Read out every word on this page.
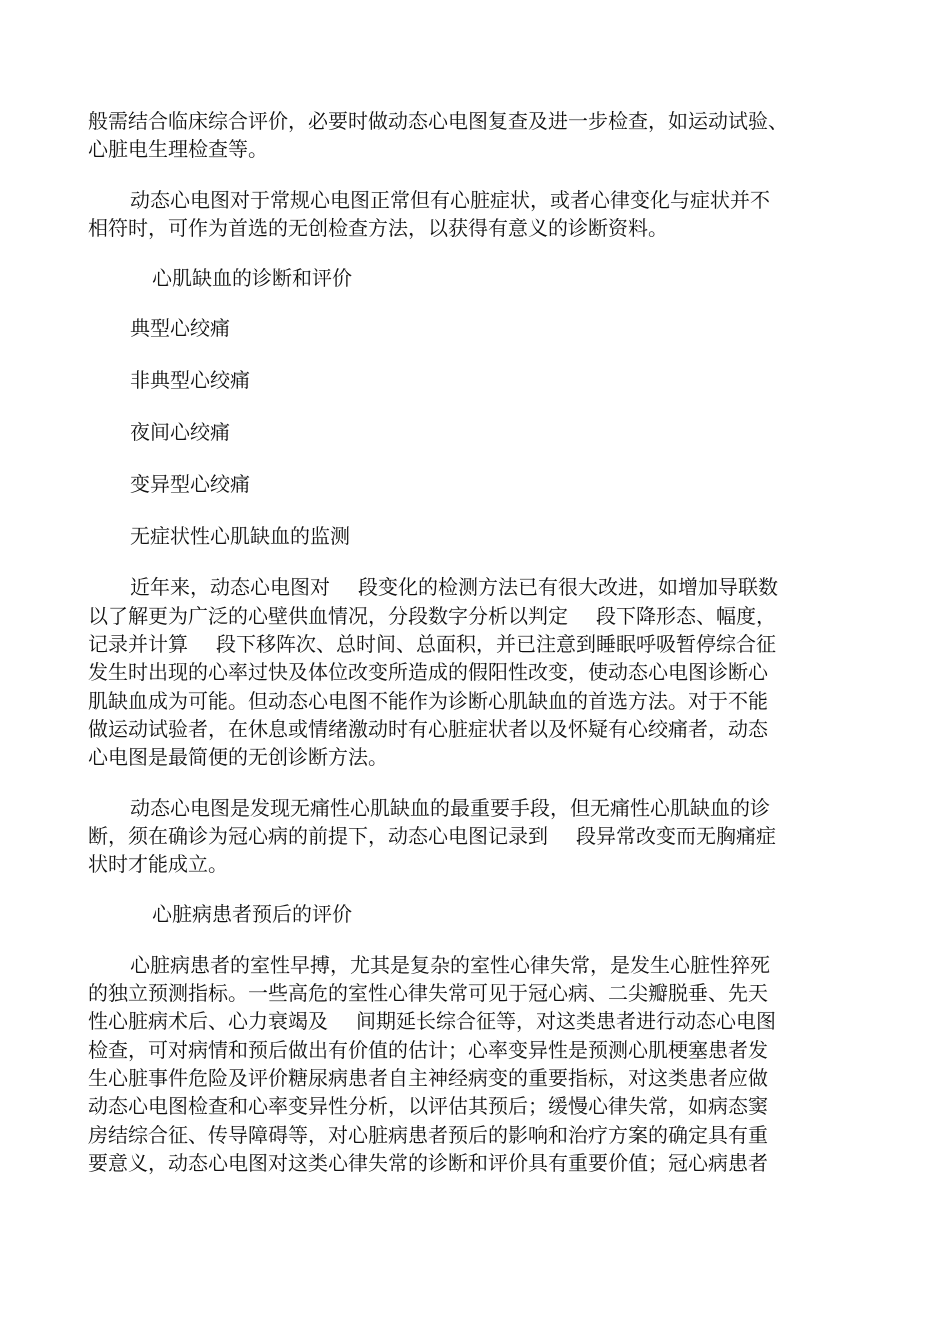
般需结合临床综合评价，必要时做动态心电图复查及进一步检查，如运动试验、
心脏电生理检查等。
动态心电图对于常规心电图正常但有心脏症状，或者心律变化与症状并不
相符时，可作为首选的无创检查方法，以获得有意义的诊断资料。
心肌缺血的诊断和评价
典型心绞痛
非典型心绞痛
夜间心绞痛
变异型心绞痛
无症状性心肌缺血的监测
近年来，动态心电图对 段变化的检测方法已有很大改进，如增加导联数
以了解更为广泛的心壁供血情况，分段数字分析以判定 段下降形态、幅度，
记录并计算 段下移阵次、总时间、总面积，并已注意到睡眠呼吸暂停综合征
发生时出现的心率过快及体位改变所造成的假阳性改变，使动态心电图诊断心
肌缺血成为可能。但动态心电图不能作为诊断心肌缺血的首选方法。对于不能
做运动试验者，在休息或情绪激动时有心脏症状者以及怀疑有心绞痛者，动态
心电图是最简便的无创诊断方法。
动态心电图是发现无痛性心肌缺血的最重要手段，但无痛性心肌缺血的诊
断，须在确诊为冠心病的前提下，动态心电图记录到 段异常改变而无胸痛症
状时才能成立。
心脏病患者预后的评价
心脏病患者的室性早搏，尤其是复杂的室性心律失常，是发生心脏性猝死
的独立预测指标。一些高危的室性心律失常可见于冠心病、二尖瓣脱垂、先天
性心脏病术后、心力衰竭及 间期延长综合征等，对这类患者进行动态心电图
检查，可对病情和预后做出有价值的估计；心率变异性是预测心肌梗塞患者发
生心脏事件危险及评价糖尿病患者自主神经病变的重要指标，对这类患者应做
动态心电图检查和心率变异性分析，以评估其预后；缓慢心律失常，如病态窦
房结综合征、传导障碍等，对心脏病患者预后的影响和治疗方案的确定具有重
要意义，动态心电图对这类心律失常的诊断和评价具有重要价值；冠心病患者
